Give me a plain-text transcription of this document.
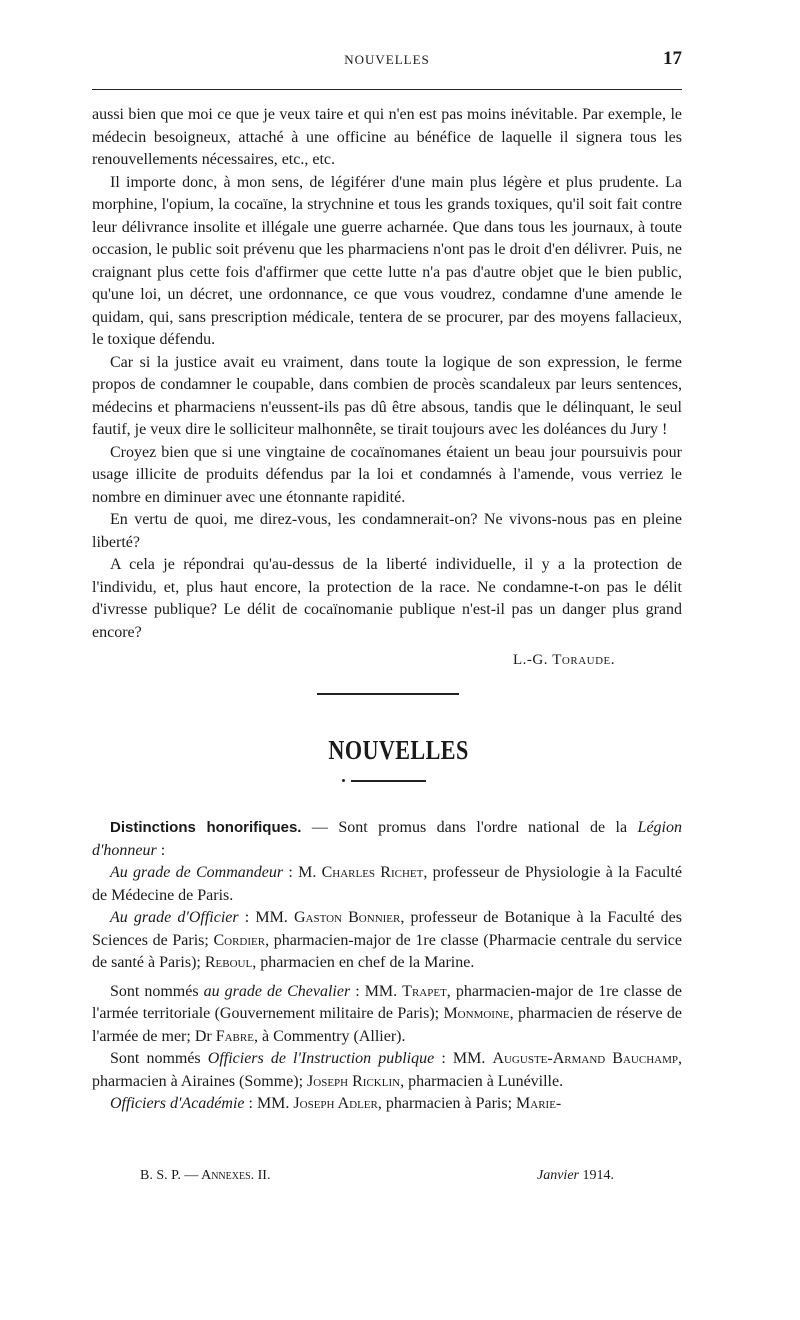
NOUVELLES	17

aussi bien que moi ce que je veux taire et qui n'en est pas moins inévitable. Par exemple, le médecin besoigneux, attaché à une officine au bénéfice de laquelle il signera tous les renouvellements nécessaires, etc., etc.

Il importe donc, à mon sens, de légiférer d'une main plus légère et plus prudente. La morphine, l'opium, la cocaïne, la strychnine et tous les grands toxiques, qu'il soit fait contre leur délivrance insolite et illégale une guerre acharnée. Que dans tous les journaux, à toute occasion, le public soit prévenu que les pharmaciens n'ont pas le droit d'en délivrer. Puis, ne craignant plus cette fois d'affirmer que cette lutte n'a pas d'autre objet que le bien public, qu'une loi, un décret, une ordonnance, ce que vous voudrez, condamne d'une amende le quidam, qui, sans prescription médicale, tentera de se procurer, par des moyens fallacieux, le toxique défendu.

Car si la justice avait eu vraiment, dans toute la logique de son expression, le ferme propos de condamner le coupable, dans combien de procès scandaleux par leurs sentences, médecins et pharmaciens n'eussent-ils pas dû être absous, tandis que le délinquant, le seul fautif, je veux dire le solliciteur malhonnête, se tirait toujours avec les doléances du Jury !

Croyez bien que si une vingtaine de cocaïnomanes étaient un beau jour poursuivis pour usage illicite de produits défendus par la loi et condamnés à l'amende, vous verriez le nombre en diminuer avec une étonnante rapidité.

En vertu de quoi, me direz-vous, les condamnerait-on? Ne vivons-nous pas en pleine liberté?

A cela je répondrai qu'au-dessus de la liberté individuelle, il y a la protection de l'individu, et, plus haut encore, la protection de la race. Ne condamne-t-on pas le délit d'ivresse publique? Le délit de cocaïnomanie publique n'est-il pas un danger plus grand encore?

L.-G. Toraude.
NOUVELLES

Distinctions honorifiques. — Sont promus dans l'ordre national de la Légion d'honneur :

Au grade de Commandeur : M. Charles Richet, professeur de Physiologie à la Faculté de Médecine de Paris.

Au grade d'Officier : MM. Gaston Bonnier, professeur de Botanique à la Faculté des Sciences de Paris; Cordier, pharmacien-major de 1re classe (Pharmacie centrale du service de santé à Paris); Reboul, pharmacien en chef de la Marine.

Sont nommés au grade de Chevalier : MM. Trapet, pharmacien-major de 1re classe de l'armée territoriale (Gouvernement militaire de Paris); Monmoine, pharmacien de réserve de l'armée de mer; Dr Fabre, à Commentry (Allier).

Sont nommés Officiers de l'Instruction publique : MM. Auguste-Armand Bauchamp, pharmacien à Airaines (Somme); Joseph Ricklin, pharmacien à Lunéville.

Officiers d'Académie : MM. Joseph Adler, pharmacien à Paris; Marie-

B. S. P. — Annexes. II.	Janvier 1914.
